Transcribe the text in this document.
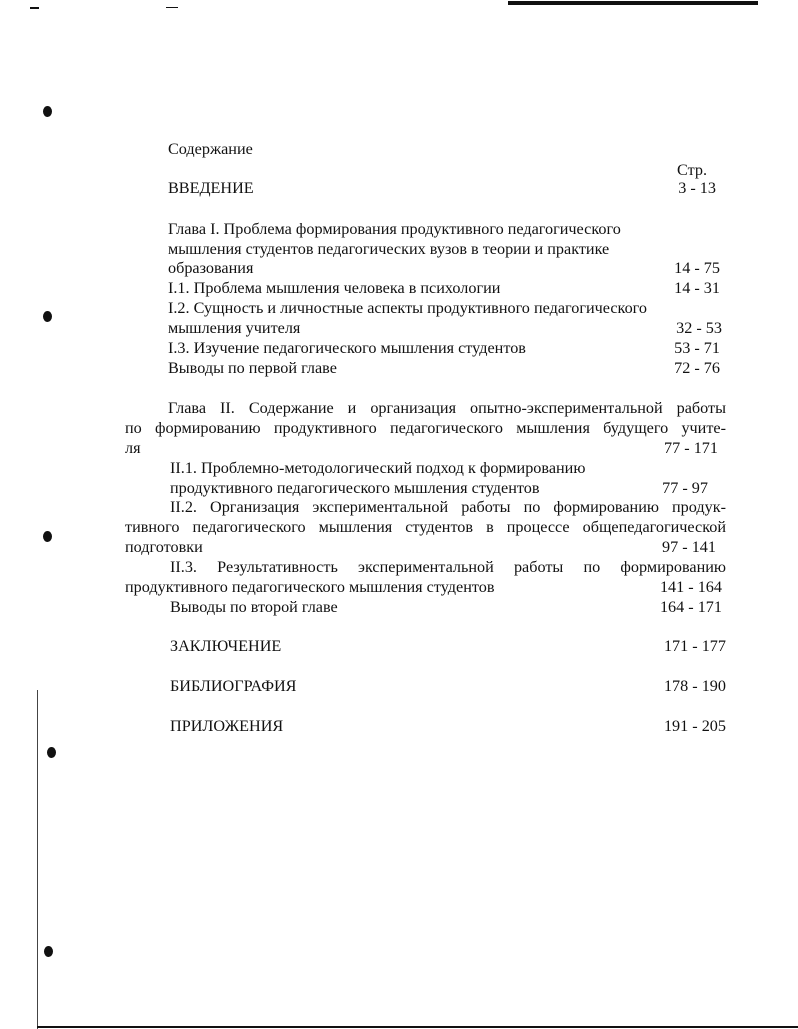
Содержание
Стр.
ВВЕДЕНИЕ	3 - 13
Глава I. Проблема формирования продуктивного педагогического
мышления студентов педагогических вузов в теории и практике
образования	14 - 75
I.1. Проблема мышления человека в психологии	14 - 31
I.2. Сущность и личностные аспекты продуктивного педагогического
мышления учителя	32 - 53
I.3. Изучение педагогического мышления студентов	53 - 71
Выводы по первой главе	72 - 76
Глава II. Содержание и организация опытно-экспериментальной работы
по формированию продуктивного педагогического мышления будущего учите-
ля	77 - 171
II.1. Проблемно-методологический подход к формированию
продуктивного педагогического мышления студентов	77 - 97
II.2. Организация экспериментальной работы по формированию продук-
тивного педагогического мышления студентов в процессе общепедагогической
подготовки	97 - 141
II.3. Результативность экспериментальной работы по формированию
продуктивного педагогического мышления студентов	141 - 164
Выводы по второй главе	164 - 171
ЗАКЛЮЧЕНИЕ	171 - 177
БИБЛИОГРАФИЯ	178 - 190
ПРИЛОЖЕНИЯ	191 - 205
